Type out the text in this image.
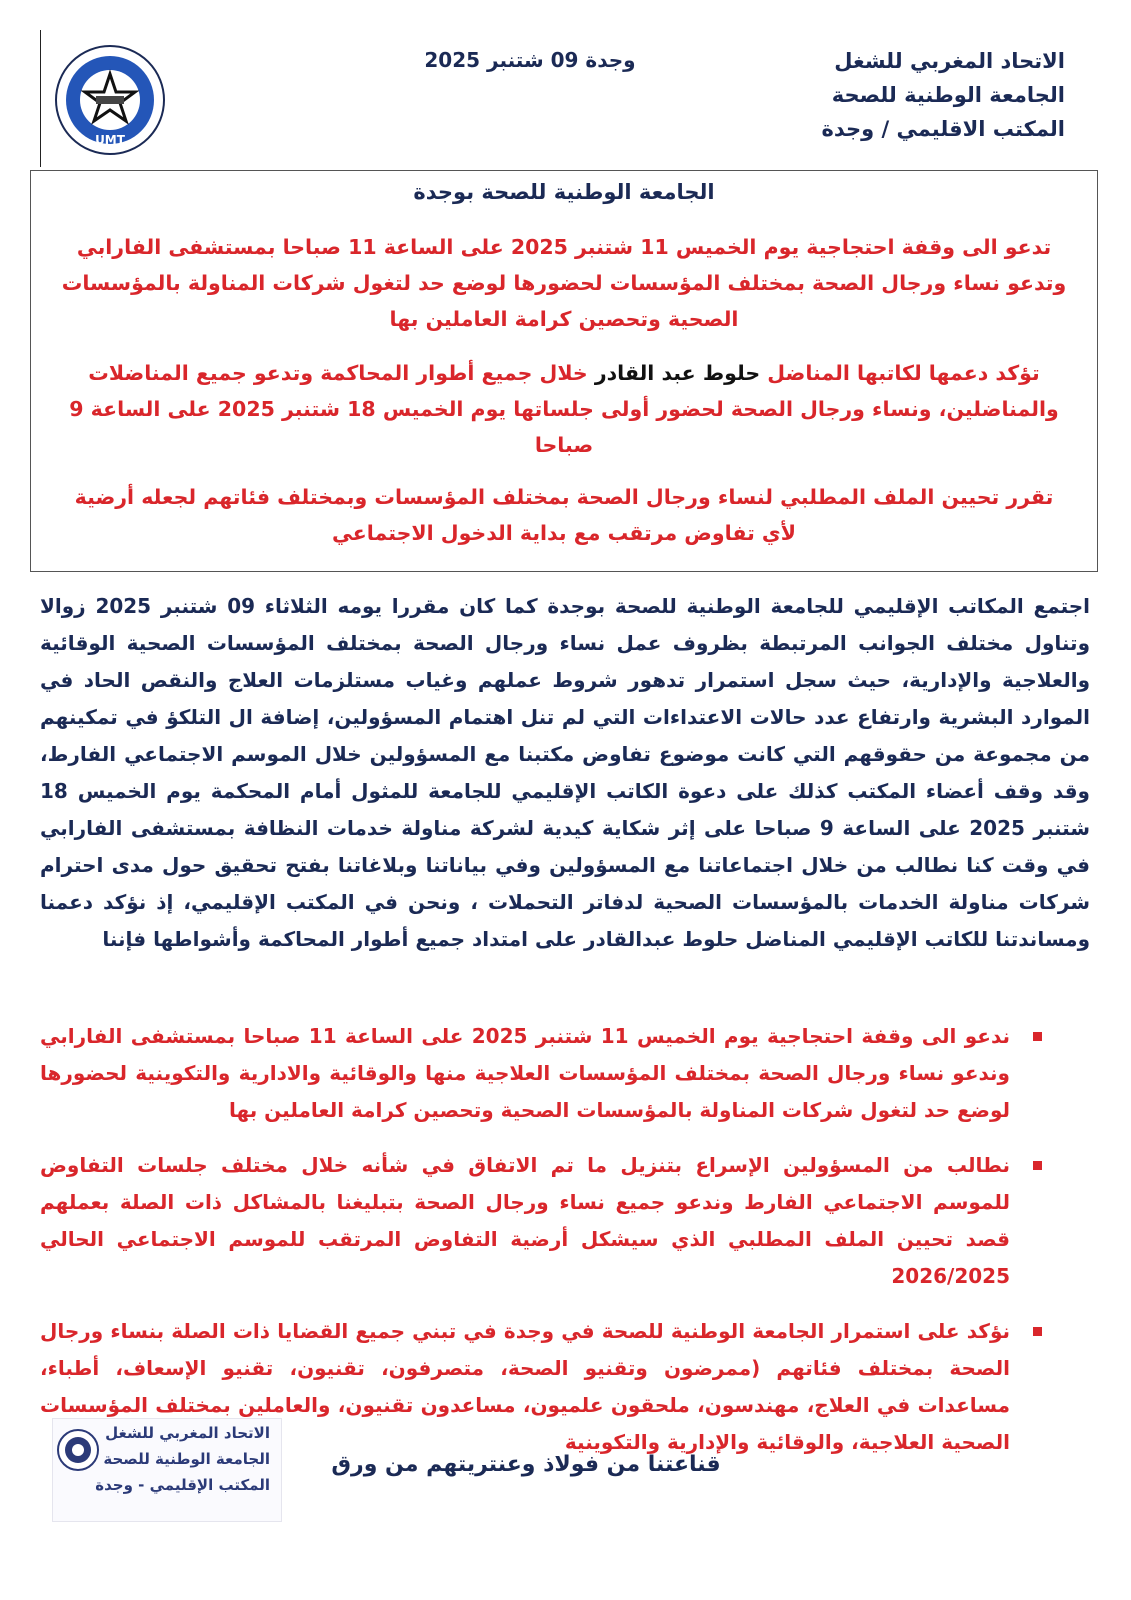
الاتحاد المغربي للشغل
الجامعة الوطنية للصحة
المكتب الاقليمي / وجدة
وجدة 09 شتنبر 2025
UMT
الجامعة الوطنية للصحة بوجدة

تدعو الى وقفة احتجاجية يوم الخميس 11 شتنبر 2025 على الساعة 11 صباحا بمستشفى الفارابي وتدعو نساء ورجال الصحة بمختلف المؤسسات لحضورها لوضع حد لتغول شركات المناولة بالمؤسسات الصحية وتحصين كرامة العاملين بها

تؤكد دعمها لكاتبها المناضل حلوط عبد القادر خلال جميع أطوار المحاكمة وتدعو جميع المناضلات والمناضلين، ونساء ورجال الصحة لحضور أولى جلساتها يوم الخميس 18 شتنبر 2025 على الساعة 9 صباحا

تقرر تحيين الملف المطلبي لنساء ورجال الصحة بمختلف المؤسسات وبمختلف فئاتهم لجعله أرضية لأي تفاوض مرتقب مع بداية الدخول الاجتماعي

اجتمع المكاتب الإقليمي للجامعة الوطنية للصحة بوجدة كما كان مقررا يومه الثلاثاء 09 شتنبر 2025 زوالا وتناول مختلف الجوانب المرتبطة بظروف عمل نساء ورجال الصحة بمختلف المؤسسات الصحية الوقائية والعلاجية والإدارية، حيث سجل استمرار تدهور شروط عملهم وغياب مستلزمات العلاج والنقص الحاد في الموارد البشرية وارتفاع عدد حالات الاعتداءات التي لم تنل اهتمام المسؤولين، إضافة ال التلكؤ في تمكينهم من مجموعة من حقوقهم التي كانت موضوع تفاوض مكتبنا مع المسؤولين خلال الموسم الاجتماعي الفارط، وقد وقف أعضاء المكتب كذلك على دعوة الكاتب الإقليمي للجامعة للمثول أمام المحكمة يوم الخميس 18 شتنبر 2025 على الساعة 9 صباحا على إثر شكاية كيدية لشركة مناولة خدمات النظافة بمستشفى الفارابي في وقت كنا نطالب من خلال اجتماعاتنا مع المسؤولين وفي بياناتنا وبلاغاتنا بفتح تحقيق حول مدى احترام شركات مناولة الخدمات بالمؤسسات الصحية لدفاتر التحملات ، ونحن في المكتب الإقليمي، إذ نؤكد دعمنا ومساندتنا للكاتب الإقليمي المناضل حلوط عبدالقادر على امتداد جميع أطوار المحاكمة وأشواطها فإننا
ندعو الى وقفة احتجاجية يوم الخميس 11 شتنبر 2025 على الساعة 11 صباحا بمستشفى الفارابي وندعو نساء ورجال الصحة بمختلف المؤسسات العلاجية منها والوقائية والادارية والتكوينية لحضورها لوضع حد لتغول شركات المناولة بالمؤسسات الصحية وتحصين كرامة العاملين بها
نطالب من المسؤولين الإسراع بتنزيل ما تم الاتفاق في شأنه خلال مختلف جلسات التفاوض للموسم الاجتماعي الفارط وندعو جميع نساء ورجال الصحة بتبليغنا بالمشاكل ذات الصلة بعملهم قصد تحيين الملف المطلبي الذي سيشكل أرضية التفاوض المرتقب للموسم الاجتماعي الحالي 2026/2025
نؤكد على استمرار الجامعة الوطنية للصحة في وجدة في تبني جميع القضايا ذات الصلة بنساء ورجال الصحة بمختلف فئاتهم (ممرضون وتقنيو الصحة، متصرفون، تقنيون، تقنيو الإسعاف، أطباء، مساعدات في العلاج، مهندسون، ملحقون علميون، مساعدون تقنيون، والعاملين بمختلف المؤسسات الصحية العلاجية، والوقائية والإدارية والتكوينية
الاتحاد المغربي للشغل
الجامعة الوطنية للصحة
المكتب الإقليمي - وجدة
قناعتنا من فولاذ وعنتريتهم من ورق
